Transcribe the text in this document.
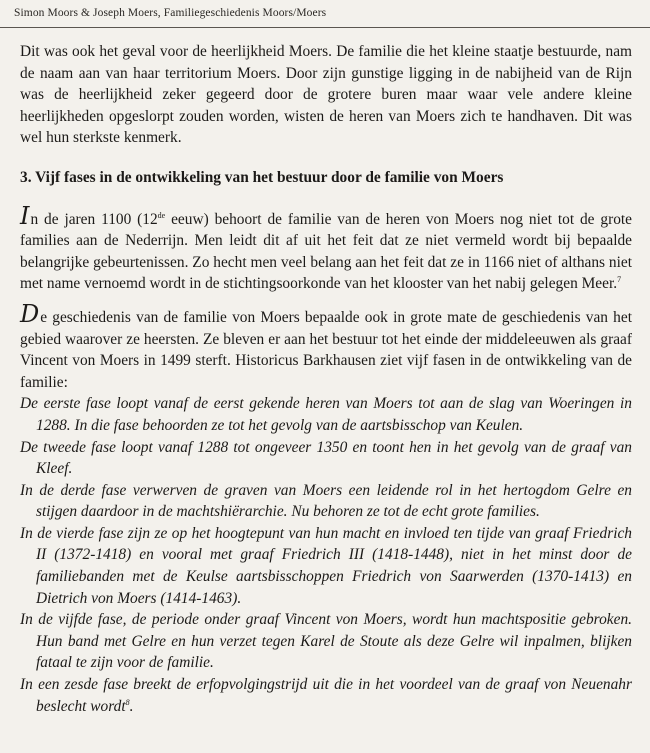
Simon Moors & Joseph Moers, Familiegeschiedenis Moors/Moers

Dit was ook het geval voor de heerlijkheid Moers. De familie die het kleine staatje bestuurde, nam de naam aan van haar territorium Moers. Door zijn gunstige ligging in de nabijheid van de Rijn was de heerlijkheid zeker gegeerd door de grotere buren maar waar vele andere kleine heerlijkheden opgeslorpt zouden worden, wisten de heren van Moers zich te handhaven. Dit was wel hun sterkste kenmerk.

3. Vijf fases in de ontwikkeling van het bestuur door de familie von Moers

In de jaren 1100 (12de eeuw) behoort de familie van de heren von Moers nog niet tot de grote families aan de Nederrijn. Men leidt dit af uit het feit dat ze niet vermeld wordt bij bepaalde belangrijke gebeurtenissen. Zo hecht men veel belang aan het feit dat ze in 1166 niet of althans niet met name vernoemd wordt in de stichtingsoorkonde van het klooster van het nabij gelegen Meer.$^7$

De geschiedenis van de familie von Moers bepaalde ook in grote mate de geschiedenis van het gebied waarover ze heersten. Ze bleven er aan het bestuur tot het einde der middeleeuwen als graaf Vincent von Moers in 1499 sterft. Historicus Barkhausen ziet vijf fasen in de ontwikkeling van de familie:

De eerste fase loopt vanaf de eerst gekende heren van Moers tot aan de slag van Woeringen in 1288. In die fase behoorden ze tot het gevolg van de aartsbisschop van Keulen.

De tweede fase loopt vanaf 1288 tot ongeveer 1350 en toont hen in het gevolg van de graaf van Kleef.

In de derde fase verwerven de graven van Moers een leidende rol in het hertogdom Gelre en stijgen daardoor in de machtshiërarchie. Nu behoren ze tot de echt grote families.

In de vierde fase zijn ze op het hoogtepunt van hun macht en invloed ten tijde van graaf Friedrich II (1372-1418) en vooral met graaf Friedrich III (1418-1448), niet in het minst door de familiebanden met de Keulse aartsbisschoppen Friedrich von Saarwerden (1370-1413) en Dietrich von Moers (1414-1463).

In de vijfde fase, de periode onder graaf Vincent von Moers, wordt hun machtspositie gebroken. Hun band met Gelre en hun verzet tegen Karel de Stoute als deze Gelre wil inpalmen, blijken fataal te zijn voor de familie.

In een zesde fase breekt de erfopvolgingstrijd uit die in het voordeel van de graaf von Neuenahr beslecht wordt$^8$.
